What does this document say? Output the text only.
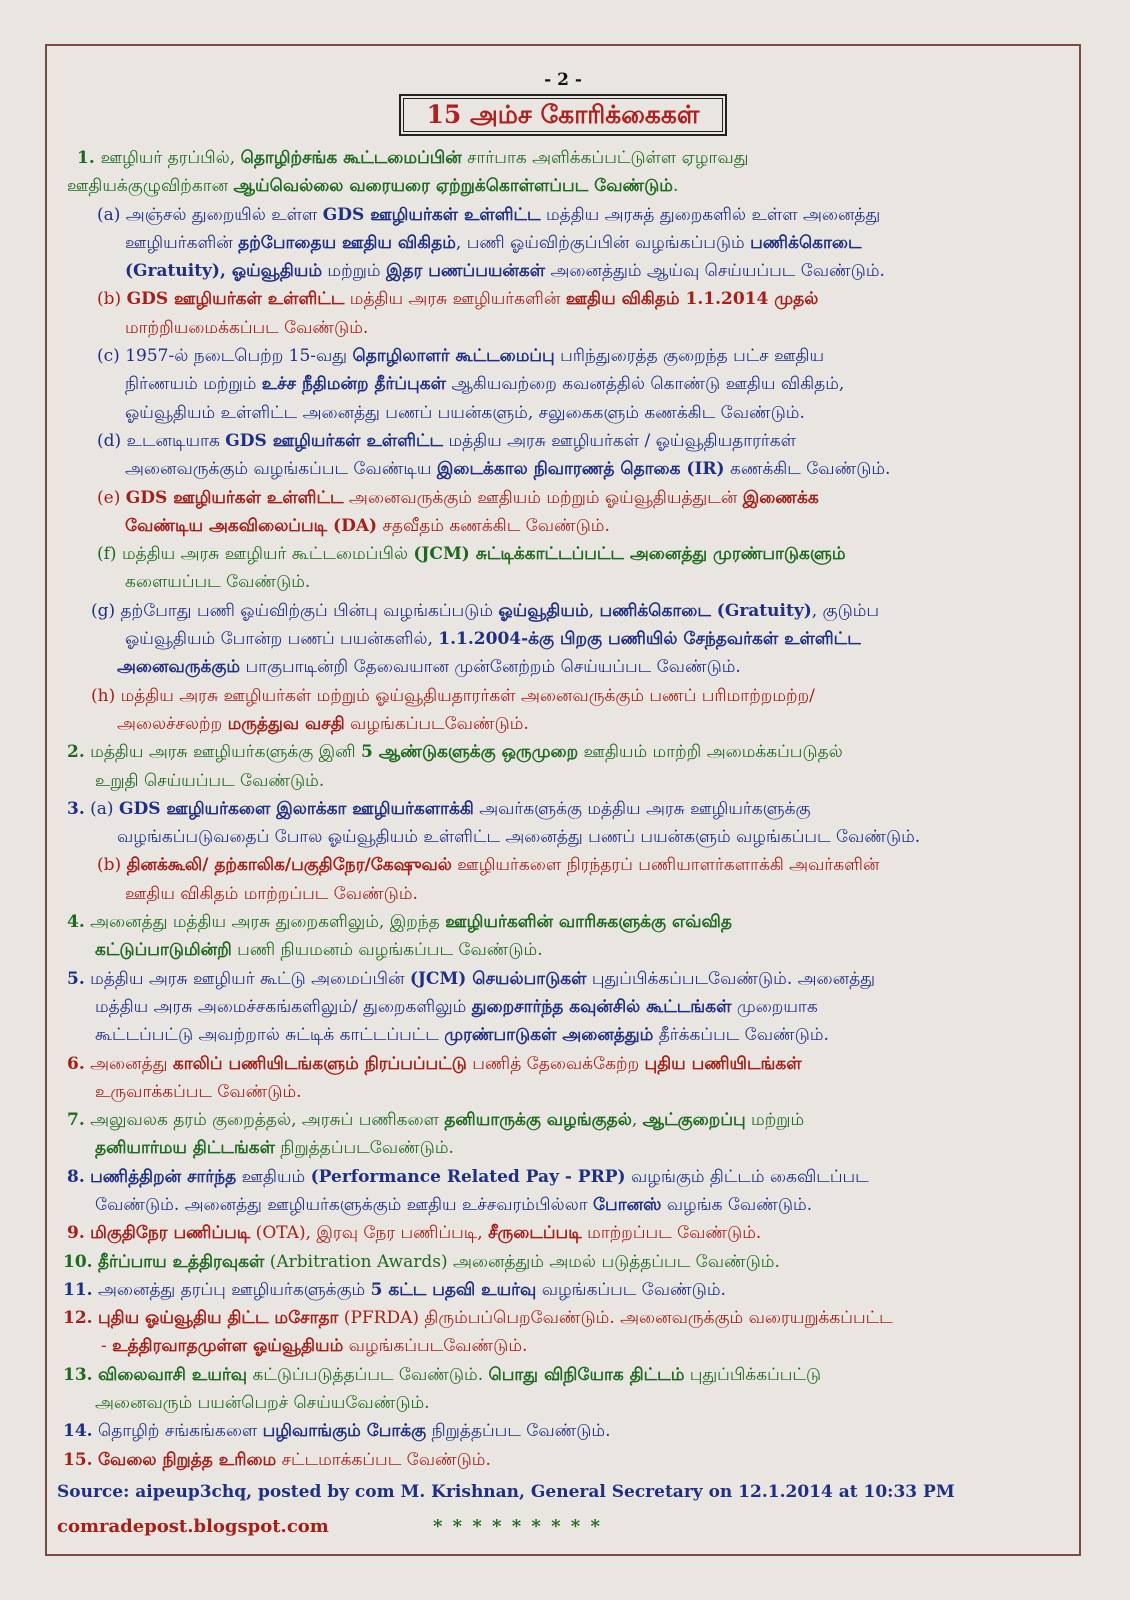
- 2 -
15 அம்ச கோரிக்கைகள்
1. ஊழியர் தரப்பில், தொழிற்சங்க கூட்டமைப்பின் சார்பாக அளிக்கப்பட்டுள்ள ஏழாவது
ஊதியக்குழுவிற்கான ஆய்வெல்லை வரையரை ஏற்றுக்கொள்ளப்பட வேண்டும்.
(a) அஞ்சல் துறையில் உள்ள GDS ஊழியர்கள் உள்ளிட்ட மத்திய அரசுத் துறைகளில் உள்ள அனைத்து
ஊழியர்களின் தற்போதைய ஊதிய விகிதம், பணி ஓய்விற்குப்பின் வழங்கப்படும் பணிக்கொடை
(Gratuity), ஓய்வூதியம் மற்றும் இதர பணப்பயன்கள் அனைத்தும் ஆய்வு செய்யப்பட வேண்டும்.
(b) GDS ஊழியர்கள் உள்ளிட்ட மத்திய அரசு ஊழியர்களின் ஊதிய விகிதம் 1.1.2014 முதல்
மாற்றியமைக்கப்பட வேண்டும்.
(c) 1957-ல் நடைபெற்ற 15-வது தொழிலாளர் கூட்டமைப்பு பரிந்துரைத்த குறைந்த பட்ச ஊதிய
நிர்ணயம் மற்றும் உச்ச நீதிமன்ற தீர்ப்புகள் ஆகியவற்றை கவனத்தில் கொண்டு ஊதிய விகிதம்,
ஓய்வூதியம் உள்ளிட்ட அனைத்து பணப் பயன்களும், சலுகைகளும் கணக்கிட வேண்டும்.
(d) உடனடியாக GDS ஊழியர்கள் உள்ளிட்ட மத்திய அரசு ஊழியர்கள் / ஓய்வூதியதாரர்கள்
அனைவருக்கும் வழங்கப்பட வேண்டிய இடைக்கால நிவாரணத் தொகை (IR) கணக்கிட வேண்டும்.
(e) GDS ஊழியர்கள் உள்ளிட்ட அனைவருக்கும் ஊதியம் மற்றும் ஓய்வூதியத்துடன் இணைக்க
வேண்டிய அகவிலைப்படி (DA) சதவீதம் கணக்கிட வேண்டும்.
(f) மத்திய அரசு ஊழியர் கூட்டமைப்பில் (JCM) சுட்டிக்காட்டப்பட்ட அனைத்து முரண்பாடுகளும்
களையப்பட வேண்டும்.
(g) தற்போது பணி ஓய்விற்குப் பின்பு வழங்கப்படும் ஓய்வூதியம், பணிக்கொடை (Gratuity), குடும்ப
ஓய்வூதியம் போன்ற பணப் பயன்களில், 1.1.2004-க்கு பிறகு பணியில் சேந்தவர்கள் உள்ளிட்ட
அனைவருக்கும் பாகுபாடின்றி தேவையான முன்னேற்றம் செய்யப்பட வேண்டும்.
(h) மத்திய அரசு ஊழியர்கள் மற்றும் ஓய்வூதியதாரர்கள் அனைவருக்கும் பணப் பரிமாற்றமற்ற/
அலைச்சலற்ற மருத்துவ வசதி வழங்கப்படவேண்டும்.
2. மத்திய அரசு ஊழியர்களுக்கு இனி 5 ஆண்டுகளுக்கு ஒருமுறை ஊதியம் மாற்றி அமைக்கப்படுதல்
உறுதி செய்யப்பட வேண்டும்.
3. (a) GDS ஊழியர்களை இலாக்கா ஊழியர்களாக்கி அவர்களுக்கு மத்திய அரசு ஊழியர்களுக்கு
வழங்கப்படுவதைப் போல ஓய்வூதியம் உள்ளிட்ட அனைத்து பணப் பயன்களும் வழங்கப்பட வேண்டும்.
(b) தினக்கூலி/ தற்காலிக/பகுதிநேர/கேஷுவல் ஊழியர்களை நிரந்தரப் பணியாளர்களாக்கி அவர்களின்
ஊதிய விகிதம் மாற்றப்பட வேண்டும்.
4. அனைத்து மத்திய அரசு துறைகளிலும், இறந்த ஊழியர்களின் வாரிசுகளுக்கு எவ்வித
கட்டுப்பாடுமின்றி பணி நியமனம் வழங்கப்பட வேண்டும்.
5. மத்திய அரசு ஊழியர் கூட்டு அமைப்பின் (JCM) செயல்பாடுகள் புதுப்பிக்கப்படவேண்டும். அனைத்து
மத்திய அரசு அமைச்சகங்களிலும்/ துறைகளிலும் துறைசார்ந்த கவுன்சில் கூட்டங்கள் முறையாக
கூட்டப்பட்டு அவற்றால் சுட்டிக் காட்டப்பட்ட முரண்பாடுகள் அனைத்தும் தீர்க்கப்பட வேண்டும்.
6. அனைத்து காலிப் பணியிடங்களும் நிரப்பப்பட்டு பணித் தேவைக்கேற்ற புதிய பணியிடங்கள்
உருவாக்கப்பட வேண்டும்.
7. அலுவலக தரம் குறைத்தல், அரசுப் பணிகளை தனியாருக்கு வழங்குதல், ஆட்குறைப்பு மற்றும்
தனியார்மய திட்டங்கள் நிறுத்தப்படவேண்டும்.
8. பணித்திறன் சார்ந்த ஊதியம் (Performance Related Pay - PRP) வழங்கும் திட்டம் கைவிடப்பட
வேண்டும். அனைத்து ஊழியர்களுக்கும் ஊதிய உச்சவரம்பில்லா போனஸ் வழங்க வேண்டும்.
9. மிகுதிநேர பணிப்படி (OTA), இரவு நேர பணிப்படி, சீருடைப்படி மாற்றப்பட வேண்டும்.
10. தீர்ப்பாய உத்திரவுகள் (Arbitration Awards) அனைத்தும் அமல் படுத்தப்பட வேண்டும்.
11. அனைத்து தரப்பு ஊழியர்களுக்கும் 5 கட்ட பதவி உயர்வு வழங்கப்பட வேண்டும்.
12. புதிய ஓய்வூதிய திட்ட மசோதா (PFRDA) திரும்பப்பெறவேண்டும். அனைவருக்கும் வரையறுக்கப்பட்ட
- உத்திரவாதமுள்ள ஓய்வூதியம் வழங்கப்படவேண்டும்.
13. விலைவாசி உயர்வு கட்டுப்படுத்தப்பட வேண்டும். பொது விநியோக திட்டம் புதுப்பிக்கப்பட்டு
அனைவரும் பயன்பெறச் செய்யவேண்டும்.
14. தொழிற் சங்கங்களை பழிவாங்கும் போக்கு நிறுத்தப்பட வேண்டும்.
15. வேலை நிறுத்த உரிமை சட்டமாக்கப்பட வேண்டும்.
Source: aipeup3chq, posted by com M. Krishnan, General Secretary on 12.1.2014 at 10:33 PM
comradepost.blogspot.com	* * * * * * * * *
